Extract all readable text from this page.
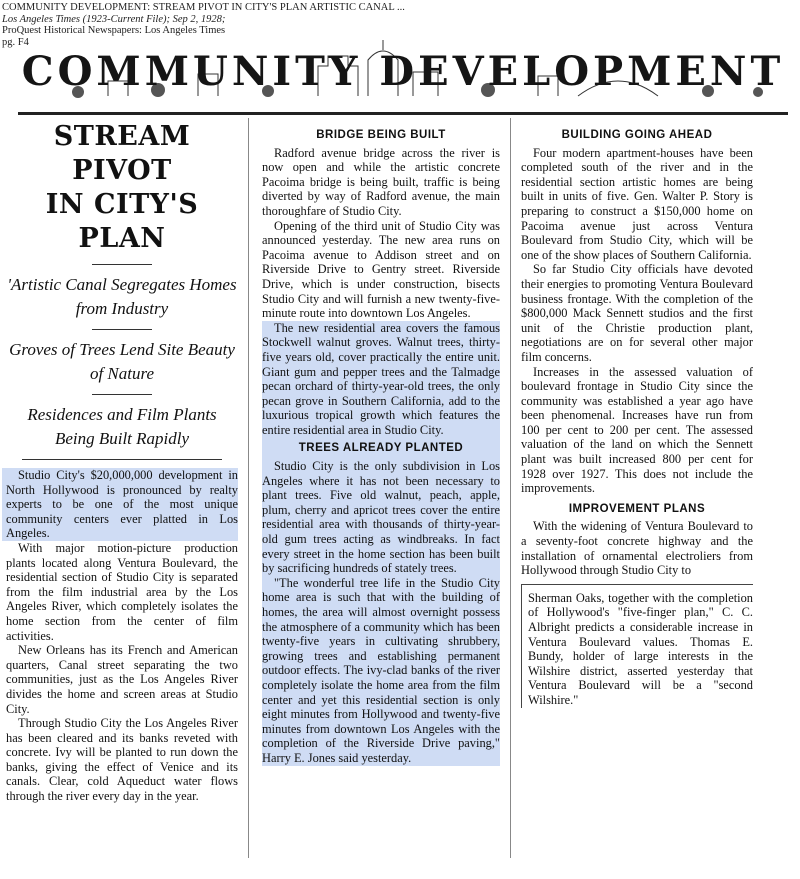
COMMUNITY DEVELOPMENT: STREAM PIVOT IN CITY'S PLAN ARTISTIC CANAL ...
Los Angeles Times (1923-Current File); Sep 2, 1928;
ProQuest Historical Newspapers: Los Angeles Times
pg. F4
COMMUNITY DEVELOPMENT
STREAM PIVOT
IN CITY'S PLAN

'Artistic Canal Segregates Homes from Industry

Groves of Trees Lend Site Beauty of Nature

Residences and Film Plants Being Built Rapidly

Studio City's $20,000,000 development in North Hollywood is pronounced by realty experts to be one of the most unique community centers ever platted in Los Angeles.

With major motion-picture production plants located along Ventura Boulevard, the residential section of Studio City is separated from the film industrial area by the Los Angeles River, which completely isolates the home section from the center of film activities.

New Orleans has its French and American quarters, Canal street separating the two communities, just as the Los Angeles River divides the home and screen areas at Studio City.

Through Studio City the Los Angeles River has been cleared and its banks reveted with concrete. Ivy will be planted to run down the banks, giving the effect of Venice and its canals. Clear, cold Aqueduct water flows through the river every day in the year.

BRIDGE BEING BUILT

Radford avenue bridge across the river is now open and while the artistic concrete Pacoima bridge is being built, traffic is being diverted by way of Radford avenue, the main thoroughfare of Studio City.

Opening of the third unit of Studio City was announced yesterday. The new area runs on Pacoima avenue to Addison street and on Riverside Drive to Gentry street. Riverside Drive, which is under construction, bisects Studio City and will furnish a new twenty-five-minute route into downtown Los Angeles.

The new residential area covers the famous Stockwell walnut groves. Walnut trees, thirty-five years old, cover practically the entire unit. Giant gum and pepper trees and the Talmadge pecan orchard of thirty-year-old trees, the only pecan grove in Southern California, add to the luxurious tropical growth which features the entire residential area in Studio City.

TREES ALREADY PLANTED

Studio City is the only subdivision in Los Angeles where it has not been necessary to plant trees. Five old walnut, peach, apple, plum, cherry and apricot trees cover the entire residential area with thousands of thirty-year-old gum trees acting as windbreaks. In fact every street in the home section has been built by sacrificing hundreds of stately trees.

"The wonderful tree life in the Studio City home area is such that with the building of homes, the area will almost overnight possess the atmosphere of a community which has been twenty-five years in cultivating shrubbery, growing trees and establishing permanent outdoor effects. The ivy-clad banks of the river completely isolate the home area from the film center and yet this residential section is only eight minutes from Hollywood and twenty-five minutes from downtown Los Angeles with the completion of the Riverside Drive paving," Harry E. Jones said yesterday.

BUILDING GOING AHEAD

Four modern apartment-houses have been completed south of the river and in the residential section artistic homes are being built in units of five. Gen. Walter P. Story is preparing to construct a $150,000 home on Pacoima avenue just across Ventura Boulevard from Studio City, which will be one of the show places of Southern California.

So far Studio City officials have devoted their energies to promoting Ventura Boulevard business frontage. With the completion of the $800,000 Mack Sennett studios and the first unit of the Christie production plant, negotiations are on for several other major film concerns.

Increases in the assessed valuation of boulevard frontage in Studio City since the community was established a year ago have been phenomenal. Increases have run from 100 per cent to 200 per cent. The assessed valuation of the land on which the Sennett plant was built increased 800 per cent for 1928 over 1927. This does not include the improvements.

IMPROVEMENT PLANS

With the widening of Ventura Boulevard to a seventy-foot concrete highway and the installation of ornamental electroliers from Hollywood through Studio City to

Sherman Oaks, together with the completion of Hollywood's "five-finger plan," C. C. Albright predicts a considerable increase in Ventura Boulevard values. Thomas E. Bundy, holder of large interests in the Wilshire district, asserted yesterday that Ventura Boulevard will be a "second Wilshire."
